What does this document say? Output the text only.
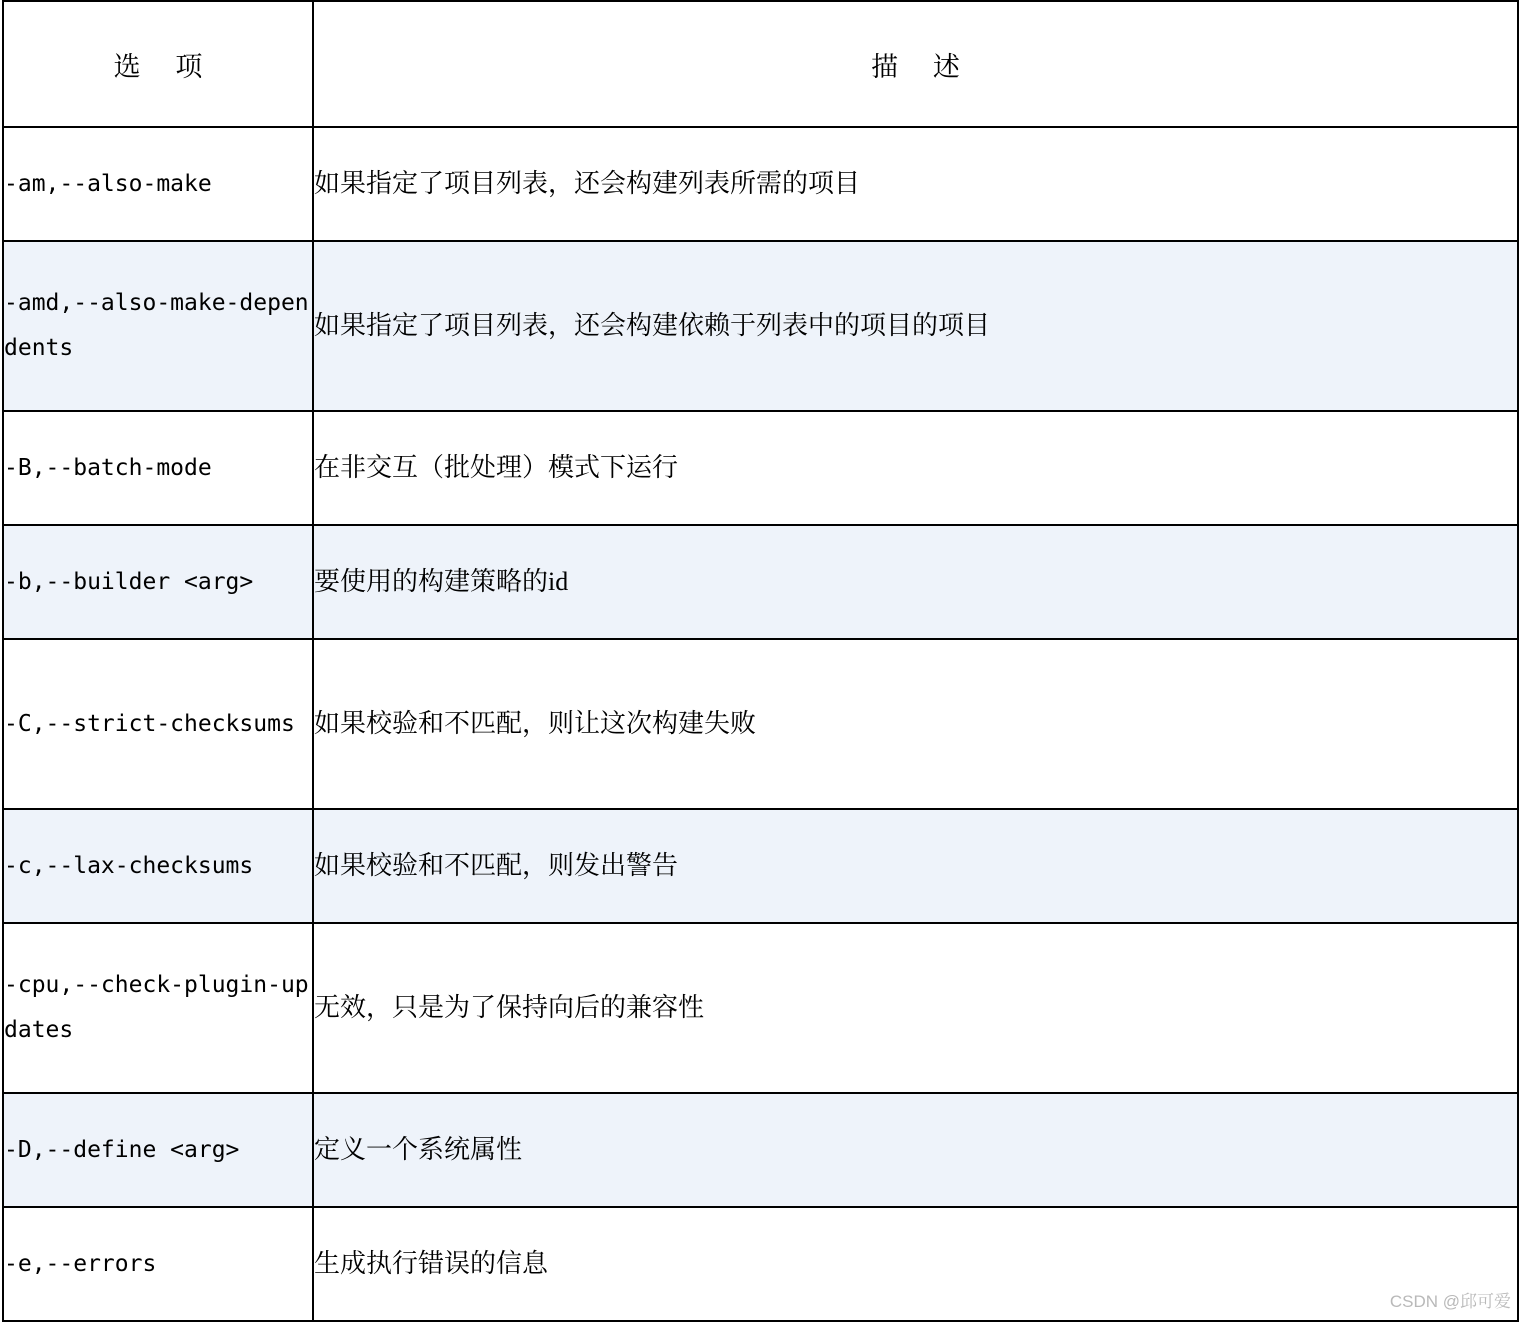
选 项	描 述

-am,--also-make	如果指定了项目列表，还会构建列表所需的项目
-amd,--also-make-dependents	如果指定了项目列表，还会构建依赖于列表中的项目的项目
-B,--batch-mode	在非交互（批处理）模式下运行
-b,--builder <arg>	要使用的构建策略的id
-C,--strict-checksums	如果校验和不匹配，则让这次构建失败
-c,--lax-checksums	如果校验和不匹配，则发出警告
-cpu,--check-plugin-updates	无效，只是为了保持向后的兼容性
-D,--define <arg>	定义一个系统属性
-e,--errors	生成执行错误的信息
CSDN @邱可爱
